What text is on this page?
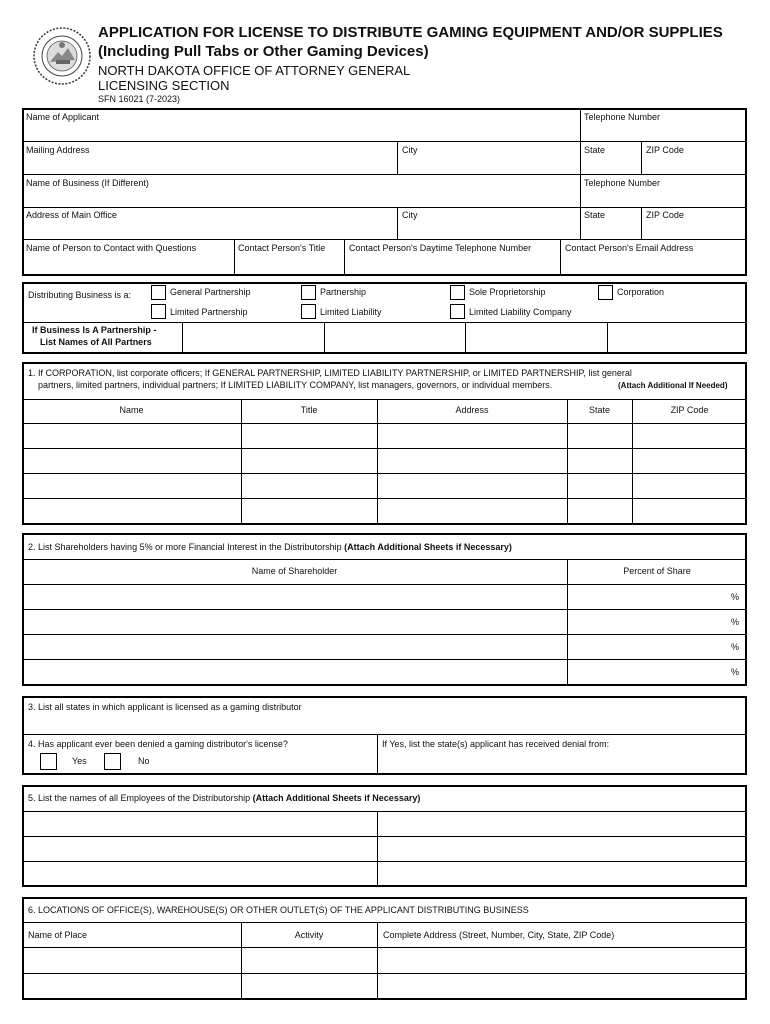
APPLICATION FOR LICENSE TO DISTRIBUTE GAMING EQUIPMENT AND/OR SUPPLIES
(Including Pull Tabs or Other Gaming Devices)
NORTH DAKOTA OFFICE OF ATTORNEY GENERAL
LICENSING SECTION
SFN 16021 (7-2023)
Name of Applicant	Telephone Number
Mailing Address	City	State	ZIP Code
Name of Business (If Different)	Telephone Number
Address of Main Office	City	State	ZIP Code
Name of Person to Contact with Questions	Contact Person's Title	Contact Person's Daytime Telephone Number	Contact Person's Email Address
Distributing Business is a:	General Partnership	Partnership	Sole Proprietorship	Corporation
Limited Partnership	Limited Liability	Limited Liability Company
If Business Is A Partnership -
List Names of All Partners
1. If CORPORATION, list corporate officers; If GENERAL PARTNERSHIP, LIMITED LIABILITY PARTNERSHIP, or LIMITED PARTNERSHIP, list general
partners, limited partners, individual partners; If LIMITED LIABILITY COMPANY, list managers, governors, or individual members.	(Attach Additional If Needed)
Name	Title	Address	State	ZIP Code
2. List Shareholders having 5% or more Financial Interest in the Distributorship (Attach Additional Sheets if Necessary)
Name of Shareholder	Percent of Share
%
%
%
%
3. List all states in which applicant is licensed as a gaming distributor
4. Has applicant ever been denied a gaming distributor's license?
Yes	No
If Yes, list the state(s) applicant has received denial from:
5. List the names of all Employees of the Distributorship (Attach Additional Sheets if Necessary)
6. LOCATIONS OF OFFICE(S), WAREHOUSE(S) OR OTHER OUTLET(S) OF THE APPLICANT DISTRIBUTING BUSINESS
Name of Place	Activity	Complete Address (Street, Number, City, State, ZIP Code)
